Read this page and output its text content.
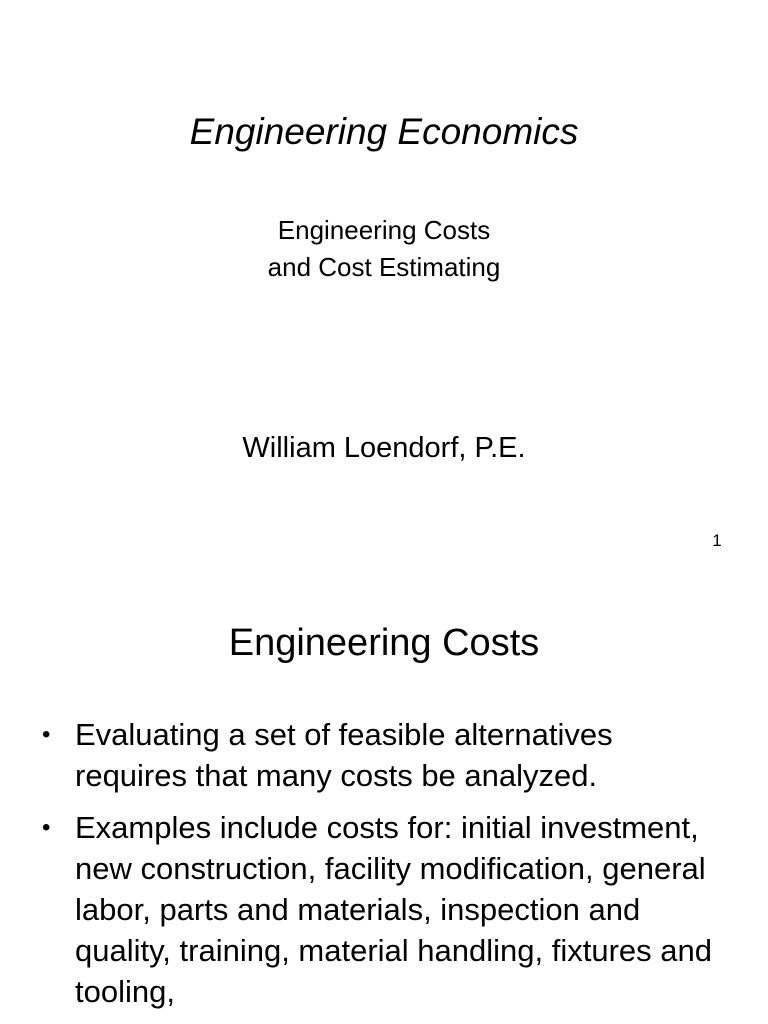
Engineering Economics
Engineering Costs
and Cost Estimating
William Loendorf, P.E.
1
Engineering Costs
• Evaluating a set of feasible alternatives requires that many costs be analyzed.
• Examples include costs for: initial investment, new construction, facility modification, general labor, parts and materials, inspection and quality, training, material handling, fixtures and tooling,
